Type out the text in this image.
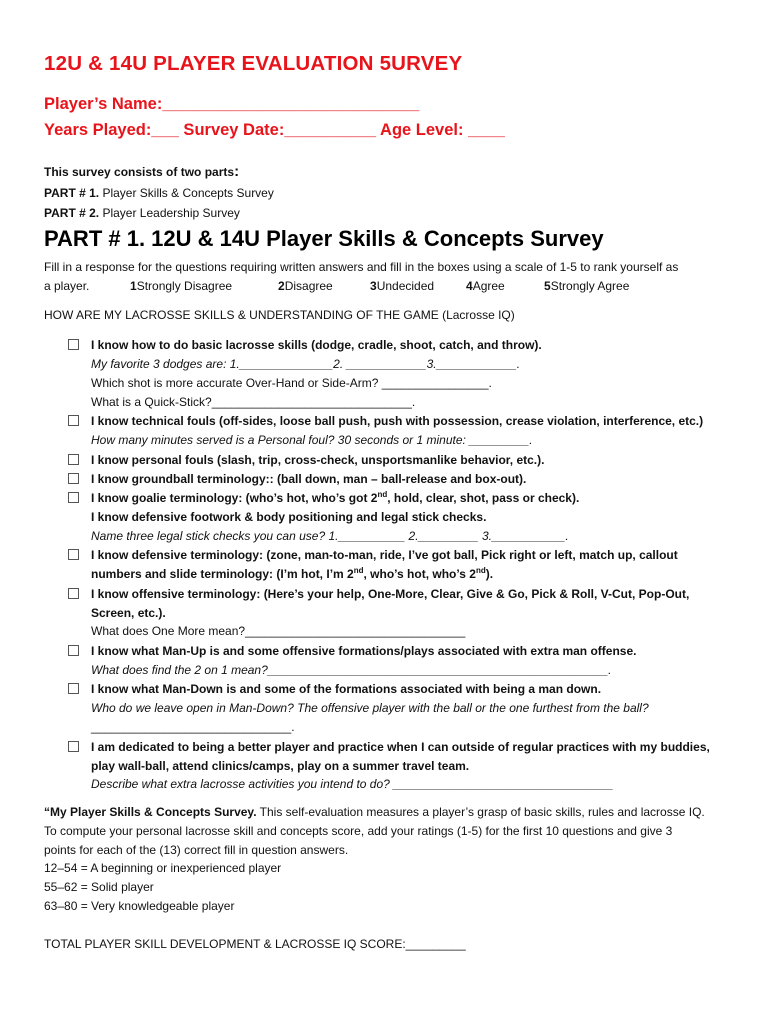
12U & 14U PLAYER EVALUATION 5URVEY
Player’s Name:____________________________
Years Played:___ Survey Date:__________ Age Level: ____
This survey consists of two parts:
PART # 1. Player Skills & Concepts Survey
PART # 2. Player Leadership Survey
PART # 1. 12U & 14U Player Skills & Concepts Survey
Fill in a response for the questions requiring written answers and fill in the boxes using a scale of 1-5 to rank yourself as
a player.	1Strongly Disagree	2Disagree	3Undecided	4Agree	5Strongly Agree
HOW ARE MY LACROSSE SKILLS & UNDERSTANDING OF THE GAME (Lacrosse IQ)
I know how to do basic lacrosse skills (dodge, cradle, shoot, catch, and throw).
My favorite 3 dodges are: 1.______________2. ____________3.____________.
Which shot is more accurate Over-Hand or Side-Arm? ________________.
What is a Quick-Stick?______________________________.
I know technical fouls (off-sides, loose ball push, push with possession, crease violation, interference, etc.)
How many minutes served is a Personal foul? 30 seconds or 1 minute: _________.
I know personal fouls (slash, trip, cross-check, unsportsmanlike behavior, etc.).
I know groundball terminology:: (ball down, man – ball-release and box-out).
I know goalie terminology: (who’s hot, who’s got 2nd, hold, clear, shot, pass or check).
I know defensive footwork & body positioning and legal stick checks.
Name three legal stick checks you can use? 1.__________ 2._________ 3.___________.
I know defensive terminology: (zone, man-to-man, ride, I’ve got ball, Pick right or left, match up, callout
numbers and slide terminology: (I’m hot, I’m 2nd, who’s hot, who’s 2nd).
I know offensive terminology: (Here’s your help, One-More, Clear, Give & Go, Pick & Roll, V-Cut, Pop-Out,
Screen, etc.).
What does One More mean?_________________________________
I know what Man-Up is and some offensive formations/plays associated with extra man offense.
What does find the 2 on 1 mean?___________________________________________________.
I know what Man-Down is and some of the formations associated with being a man down.
Who do we leave open in Man-Down? The offensive player with the ball or the one furthest from the ball?
______________________________.
I am dedicated to being a better player and practice when I can outside of regular practices with my buddies,
play wall-ball, attend clinics/camps, play on a summer travel team.
Describe what extra lacrosse activities you intend to do? _________________________________
“My Player Skills & Concepts Survey. This self-evaluation measures a player’s grasp of basic skills, rules and lacrosse IQ.
To compute your personal lacrosse skill and concepts score, add your ratings (1-5) for the first 10 questions and give 3
points for each of the (13) correct fill in question answers.
12–54 = A beginning or inexperienced player
55–62 = Solid player
63–80 = Very knowledgeable player
TOTAL PLAYER SKILL DEVELOPMENT & LACROSSE IQ SCORE:_________
